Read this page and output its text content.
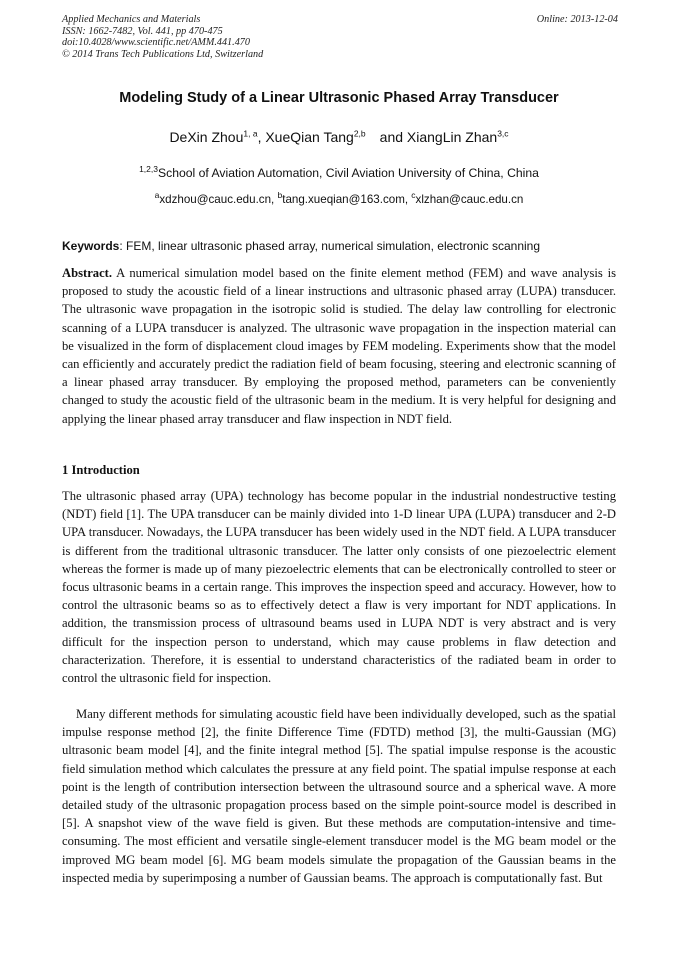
Applied Mechanics and Materials
ISSN: 1662-7482, Vol. 441, pp 470-475
doi:10.4028/www.scientific.net/AMM.441.470
© 2014 Trans Tech Publications Ltd, Switzerland
Online: 2013-12-04
Modeling Study of a Linear Ultrasonic Phased Array Transducer
DeXin Zhou$^{1, a}$, XueQian Tang$^{2,b}$ and XiangLin Zhan$^{3,c}$
$^{1,2,3}$School of Aviation Automation, Civil Aviation University of China, China
$^a$xdzhou@cauc.edu.cn, $^b$tang.xueqian@163.com, $^c$xlzhan@cauc.edu.cn
Keywords: FEM, linear ultrasonic phased array, numerical simulation, electronic scanning

Abstract. A numerical simulation model based on the finite element method (FEM) and wave analysis is proposed to study the acoustic field of a linear instructions and ultrasonic phased array (LUPA) transducer. The ultrasonic wave propagation in the isotropic solid is studied. The delay law controlling for electronic scanning of a LUPA transducer is analyzed. The ultrasonic wave propagation in the inspection material can be visualized in the form of displacement cloud images by FEM modeling. Experiments show that the model can efficiently and accurately predict the radiation field of beam focusing, steering and electronic scanning of a linear phased array transducer. By employing the proposed method, parameters can be conveniently changed to study the acoustic field of the ultrasonic beam in the medium. It is very helpful for designing and applying the linear phased array transducer and flaw inspection in NDT field.

1 Introduction

The ultrasonic phased array (UPA) technology has become popular in the industrial nondestructive testing (NDT) field [1]. The UPA transducer can be mainly divided into 1-D linear UPA (LUPA) transducer and 2-D UPA transducer. Nowadays, the LUPA transducer has been widely used in the NDT field. A LUPA transducer is different from the traditional ultrasonic transducer. The latter only consists of one piezoelectric element whereas the former is made up of many piezoelectric elements that can be electronically controlled to steer or focus ultrasonic beams in a certain range. This improves the inspection speed and accuracy. However, how to control the ultrasonic beams so as to effectively detect a flaw is very important for NDT applications. In addition, the transmission process of ultrasound beams used in LUPA NDT is very abstract and is very difficult for the inspection person to understand, which may cause problems in flaw detection and characterization. Therefore, it is essential to understand characteristics of the radiated beam in order to control the ultrasonic field for inspection.

Many different methods for simulating acoustic field have been individually developed, such as the spatial impulse response method [2], the finite Difference Time (FDTD) method [3], the multi-Gaussian (MG) ultrasonic beam model [4], and the finite integral method [5]. The spatial impulse response is the acoustic field simulation method which calculates the pressure at any field point. The spatial impulse response at each point is the length of contribution intersection between the ultrasound source and a spherical wave. A more detailed study of the ultrasonic propagation process based on the simple point-source model is described in [5]. A snapshot view of the wave field is given. But these methods are computation-intensive and time-consuming. The most efficient and versatile single-element transducer model is the MG beam model or the improved MG beam model [6]. MG beam models simulate the propagation of the Gaussian beams in the inspected media by superimposing a number of Gaussian beams. The approach is computationally fast. But
